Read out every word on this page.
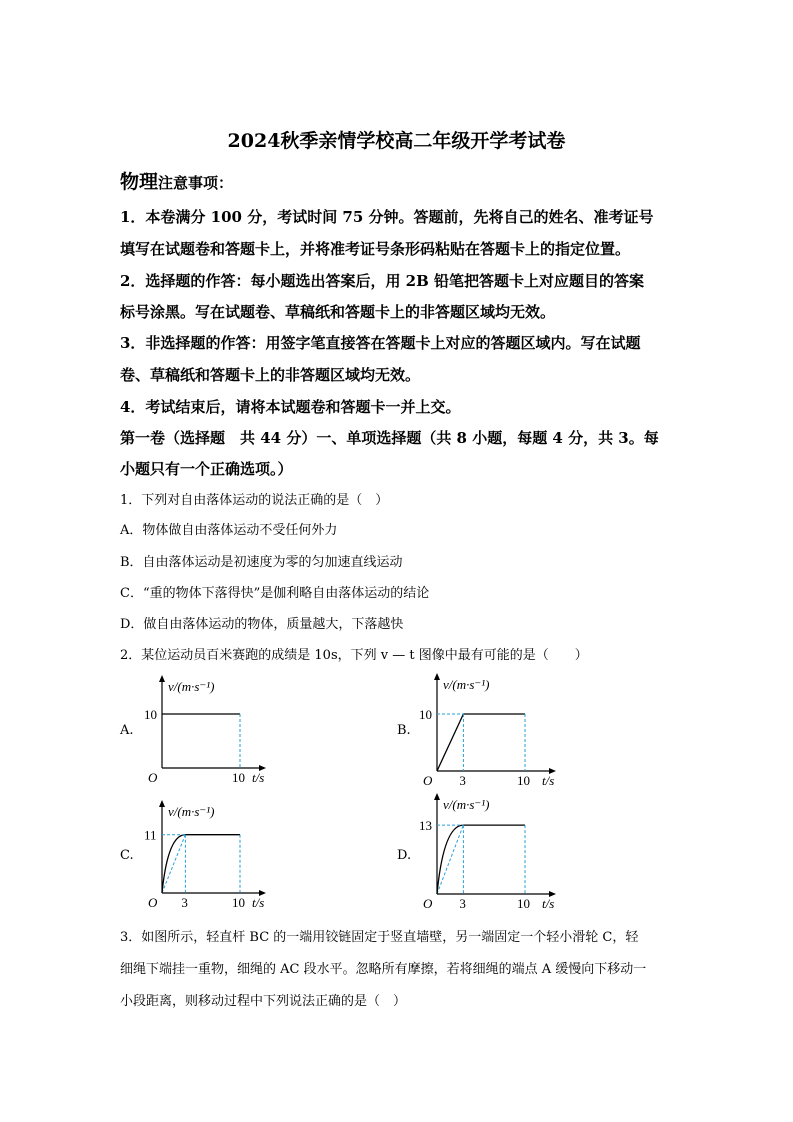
2024秋季亲情学校高二年级开学考试卷
物理注意事项：
1．本卷满分 100 分，考试时间 75 分钟。答题前，先将自己的姓名、准考证号
填写在试题卷和答题卡上，并将准考证号条形码粘贴在答题卡上的指定位置。
2．选择题的作答：每小题选出答案后，用 2B 铅笔把答题卡上对应题目的答案
标号涂黑。写在试题卷、草稿纸和答题卡上的非答题区域均无效。
3．非选择题的作答：用签字笔直接答在答题卡上对应的答题区域内。写在试题
卷、草稿纸和答题卡上的非答题区域均无效。
4．考试结束后，请将本试题卷和答题卡一并上交。
第一卷（选择题　共 44 分）一、单项选择题（共 8 小题，每题 4 分，共 3。每
小题只有一个正确选项。）
1．下列对自由落体运动的说法正确的是（　）
A．物体做自由落体运动不受任何外力
B．自由落体运动是初速度为零的匀加速直线运动
C．“重的物体下落得快”是伽利略自由落体运动的结论
D．做自由落体运动的物体，质量越大，下落越快
2．某位运动员百米赛跑的成绩是 10s，下列 v — t 图像中最有可能的是（　　）
A.	B.
C.	D.
v/(m·s⁻¹)
t/s
O
10
10
v/(m·s⁻¹)
t/s
O
10
3	10
v/(m·s⁻¹)
t/s
O
11
3	10
v/(m·s⁻¹)
t/s
O
13
3	10
3．如图所示，轻直杆 BC 的一端用铰链固定于竖直墙壁，另一端固定一个轻小滑轮 C，轻
细绳下端挂一重物，细绳的 AC 段水平。忽略所有摩擦，若将细绳的端点 A 缓慢向下移动一
小段距离，则移动过程中下列说法正确的是（　）
